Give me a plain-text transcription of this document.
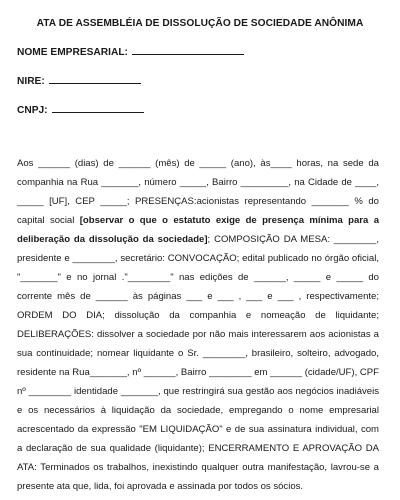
ATA DE ASSEMBLÉIA DE DISSOLUÇÃO DE SOCIEDADE ANÔNIMA
NOME EMPRESARIAL:
NIRE:
CNPJ:
Aos ______ (dias) de ______ (mês) de _____ (ano), às____ horas, na sede da companhia na Rua _______, número _____, Bairro _________, na Cidade de ____, _____ [UF], CEP _____; PRESENÇAS:acionistas representando _______ % do capital social [observar o que o estatuto exige de presença mínima para a deliberação da dissolução da sociedade]; COMPOSIÇÃO DA MESA: ________, presidente e ________, secretário: CONVOCAÇÃO; edital publicado no órgão oficial, "_______" e no jornal ."________" nas edições de ______, _____ e _____ do corrente mês de ______ às páginas ___ e ___ , ___ e ___ , respectivamente; ORDEM DO DIA; dissolução da companhia e nomeação de liquidante; DELIBERAÇÕES: dissolver a sociedade por não mais interessarem aos acionistas a sua continuidade; nomear liquidante o Sr. ________, brasileiro, solteiro, advogado, residente na Rua_______, nº ______, Bairro ________ em ______ (cidade/UF), CPF nº ________ identidade _______, que restringirá sua gestão aos negócios inadiáveis e os necessários à liquidação da sociedade, empregando o nome empresarial acrescentado da expressão "EM LIQUIDAÇÃO" e de sua assinatura individual, com a declaração de sua qualidade (liquidante); ENCERRAMENTO E APROVAÇÃO DA ATA: Terminados os trabalhos, inexistindo qualquer outra manifestação, lavrou-se a presente ata que, lida, foi aprovada e assinada por todos os sócios.
